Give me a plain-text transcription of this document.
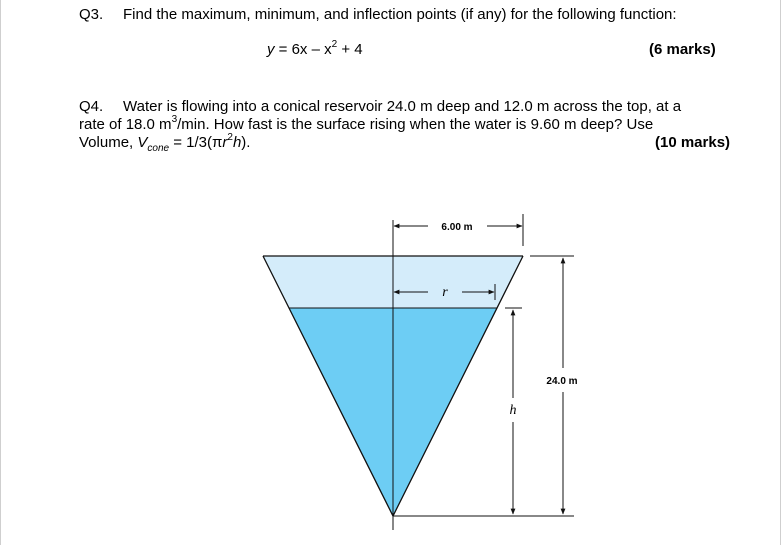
Q3. Find the maximum, minimum, and inflection points (if any) for the following function:
$y = 6x - x^2 + 4$	(6 marks)
Q4. Water is flowing into a conical reservoir 24.0 m deep and 12.0 m across the top, at a
rate of 18.0 $m^3/\min$. How fast is the surface rising when the water is 9.60 m deep? Use
Volume, $V_{cone} = 1/3(\pi r^2h)$.	(10 marks)
6.00 m
r
h
24.0 m
